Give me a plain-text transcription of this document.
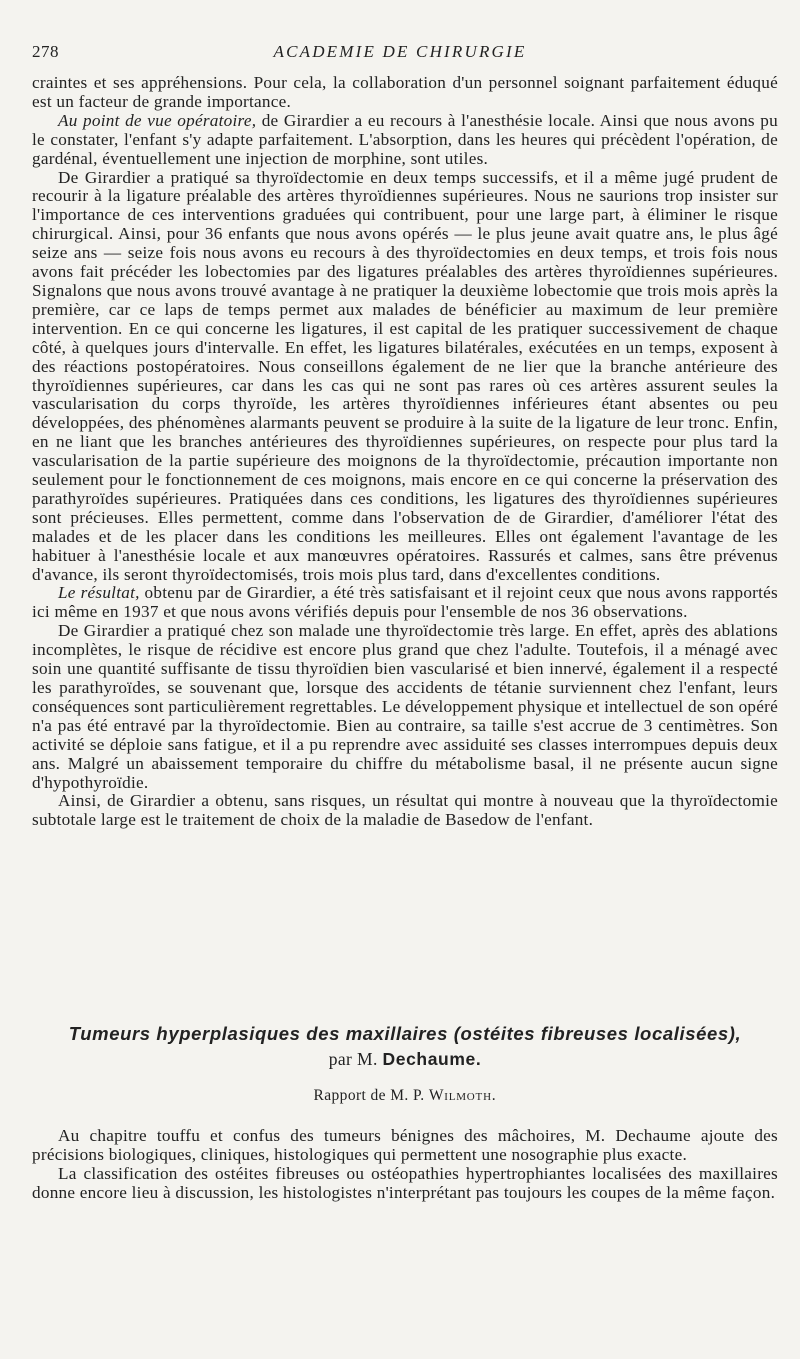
278	ACADEMIE DE CHIRURGIE

craintes et ses appréhensions. Pour cela, la collaboration d'un personnel soignant parfaitement éduqué est un facteur de grande importance.

Au point de vue opératoire, de Girardier a eu recours à l'anesthésie locale. Ainsi que nous avons pu le constater, l'enfant s'y adapte parfaitement. L'absorption, dans les heures qui précèdent l'opération, de gardénal, éventuellement une injection de morphine, sont utiles.

De Girardier a pratiqué sa thyroïdectomie en deux temps successifs, et il a même jugé prudent de recourir à la ligature préalable des artères thyroïdiennes supérieures. Nous ne saurions trop insister sur l'importance de ces interventions graduées qui contribuent, pour une large part, à éliminer le risque chirurgical. Ainsi, pour 36 enfants que nous avons opérés — le plus jeune avait quatre ans, le plus âgé seize ans — seize fois nous avons eu recours à des thyroïdectomies en deux temps, et trois fois nous avons fait précéder les lobectomies par des ligatures préalables des artères thyroïdiennes supérieures. Signalons que nous avons trouvé avantage à ne pratiquer la deuxième lobectomie que trois mois après la première, car ce laps de temps permet aux malades de bénéficier au maximum de leur première intervention. En ce qui concerne les ligatures, il est capital de les pratiquer successivement de chaque côté, à quelques jours d'intervalle. En effet, les ligatures bilatérales, exécutées en un temps, exposent à des réactions postopératoires. Nous conseillons également de ne lier que la branche antérieure des thyroïdiennes supérieures, car dans les cas qui ne sont pas rares où ces artères assurent seules la vascularisation du corps thyroïde, les artères thyroïdiennes inférieures étant absentes ou peu développées, des phénomènes alarmants peuvent se produire à la suite de la ligature de leur tronc. Enfin, en ne liant que les branches antérieures des thyroïdiennes supérieures, on respecte pour plus tard la vascularisation de la partie supérieure des moignons de la thyroïdectomie, précaution importante non seulement pour le fonctionnement de ces moignons, mais encore en ce qui concerne la préservation des parathyroïdes supérieures. Pratiquées dans ces conditions, les ligatures des thyroïdiennes supérieures sont précieuses. Elles permettent, comme dans l'observation de de Girardier, d'améliorer l'état des malades et de les placer dans les conditions les meilleures. Elles ont également l'avantage de les habituer à l'anesthésie locale et aux manœuvres opératoires. Rassurés et calmes, sans être prévenus d'avance, ils seront thyroïdectomisés, trois mois plus tard, dans d'excellentes conditions.

Le résultat, obtenu par de Girardier, a été très satisfaisant et il rejoint ceux que nous avons rapportés ici même en 1937 et que nous avons vérifiés depuis pour l'ensemble de nos 36 observations.

De Girardier a pratiqué chez son malade une thyroïdectomie très large. En effet, après des ablations incomplètes, le risque de récidive est encore plus grand que chez l'adulte. Toutefois, il a ménagé avec soin une quantité suffisante de tissu thyroïdien bien vascularisé et bien innervé, également il a respecté les parathyroïdes, se souvenant que, lorsque des accidents de tétanie surviennent chez l'enfant, leurs conséquences sont particulièrement regrettables. Le développement physique et intellectuel de son opéré n'a pas été entravé par la thyroïdectomie. Bien au contraire, sa taille s'est accrue de 3 centimètres. Son activité se déploie sans fatigue, et il a pu reprendre avec assiduité ses classes interrompues depuis deux ans. Malgré un abaissement temporaire du chiffre du métabolisme basal, il ne présente aucun signe d'hypothyroïdie.

Ainsi, de Girardier a obtenu, sans risques, un résultat qui montre à nouveau que la thyroïdectomie subtotale large est le traitement de choix de la maladie de Basedow de l'enfant.

Tumeurs hyperplasiques des maxillaires (ostéites fibreuses localisées),

par M. Dechaume.

Rapport de M. P. Wilmoth.

Au chapitre touffu et confus des tumeurs bénignes des mâchoires, M. Dechaume ajoute des précisions biologiques, cliniques, histologiques qui permettent une nosographie plus exacte.

La classification des ostéites fibreuses ou ostéopathies hypertrophiantes localisées des maxillaires donne encore lieu à discussion, les histologistes n'interprétant pas toujours les coupes de la même façon.
